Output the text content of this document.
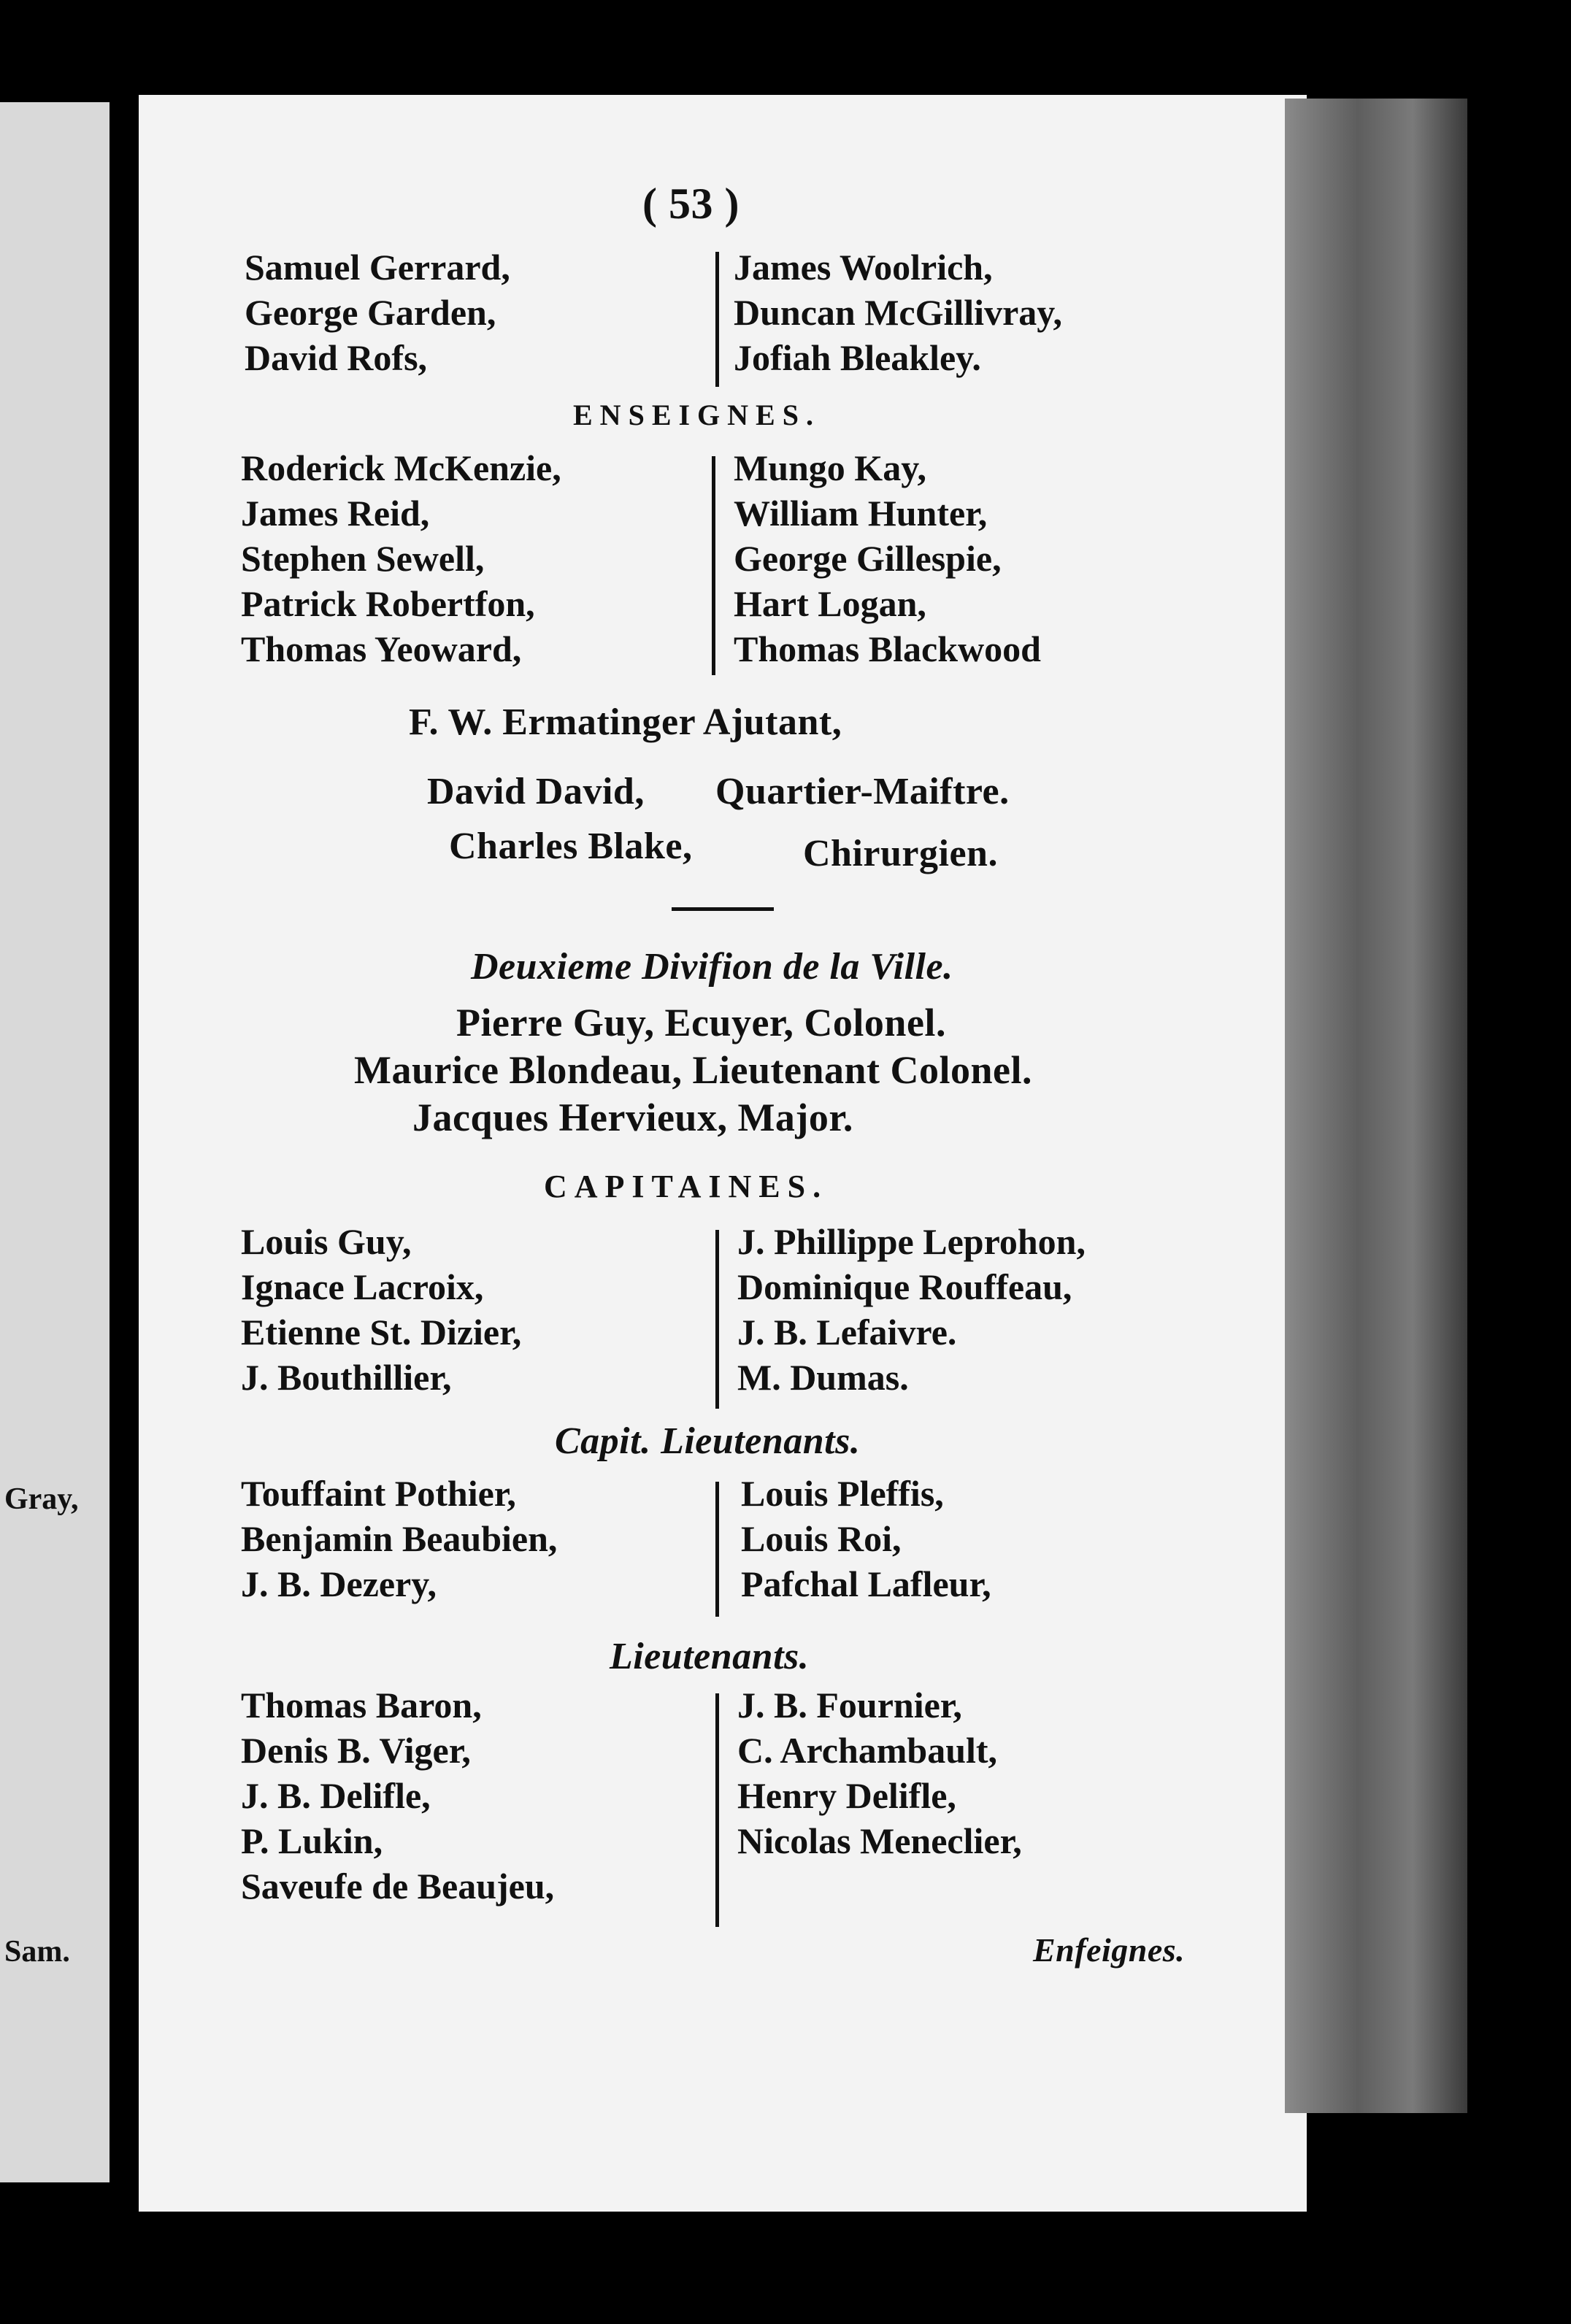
Gray,
Sam.
( 53 )
Samuel Gerrard,
George Garden,
David Rofs,
James Woolrich,
Duncan McGillivray,
Jofiah Bleakley.
ENSEIGNES.
Roderick McKenzie,
James Reid,
Stephen Sewell,
Patrick Robertfon,
Thomas Yeoward,
Mungo Kay,
William Hunter,
George Gillespie,
Hart Logan,
Thomas Blackwood
F. W. Ermatinger Ajutant,
David David, Quartier-Maiftre.
Charles Blake,	Chirurgien.
Deuxieme Divifion de la Ville.
Pierre Guy, Ecuyer, Colonel.
Maurice Blondeau, Lieutenant Colonel.
Jacques Hervieux, Major.
CAPITAINES.
Louis Guy,
Ignace Lacroix,
Etienne St. Dizier,
J. Bouthillier,
J. Phillippe Leprohon,
Dominique Rouffeau,
J. B. Lefaivre.
M. Dumas.
Capit. Lieutenants.
Touffaint Pothier,
Benjamin Beaubien,
J. B. Dezery,
Louis Pleffis,
Louis Roi,
Pafchal Lafleur,
Lieutenants.
Thomas Baron,
Denis B. Viger,
J. B. Delifle,
P. Lukin,
Saveufe de Beaujeu,
J. B. Fournier,
C. Archambault,
Henry Delifle,
Nicolas Meneclier,
Enfeignes.
